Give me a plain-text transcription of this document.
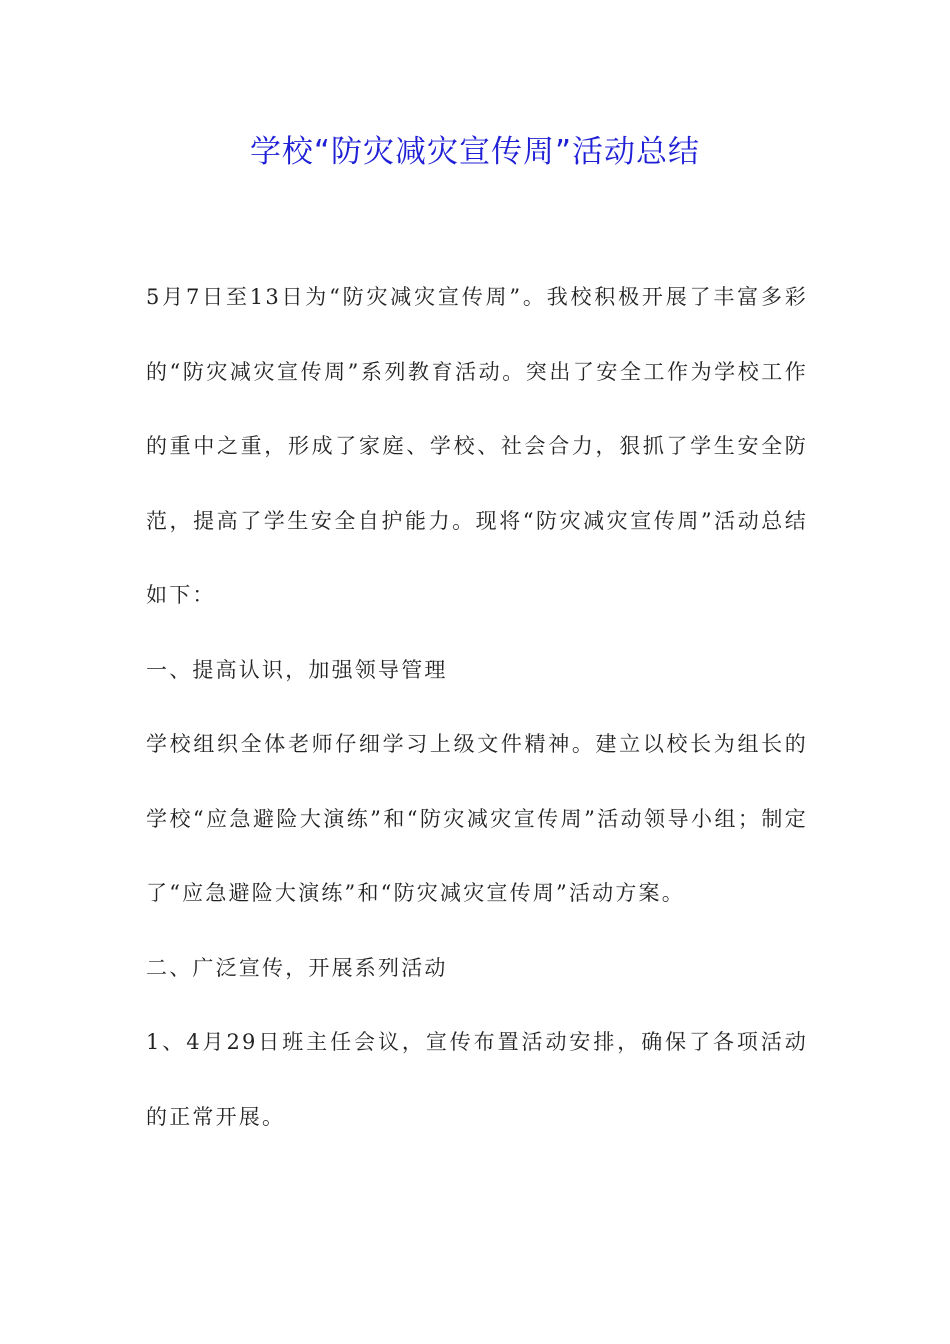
学校“防灾减灾宣传周”活动总结

5月7日至13日为“防灾减灾宣传周”。我校积极开展了丰富多彩的“防灾减灾宣传周”系列教育活动。突出了安全工作为学校工作的重中之重，形成了家庭、学校、社会合力，狠抓了学生安全防范，提高了学生安全自护能力。现将“防灾减灾宣传周”活动总结如下：

一、提高认识，加强领导管理

学校组织全体老师仔细学习上级文件精神。建立以校长为组长的学校“应急避险大演练”和“防灾减灾宣传周”活动领导小组；制定了“应急避险大演练”和“防灾减灾宣传周”活动方案。

二、广泛宣传，开展系列活动

1、4月29日班主任会议，宣传布置活动安排，确保了各项活动的正常开展。
